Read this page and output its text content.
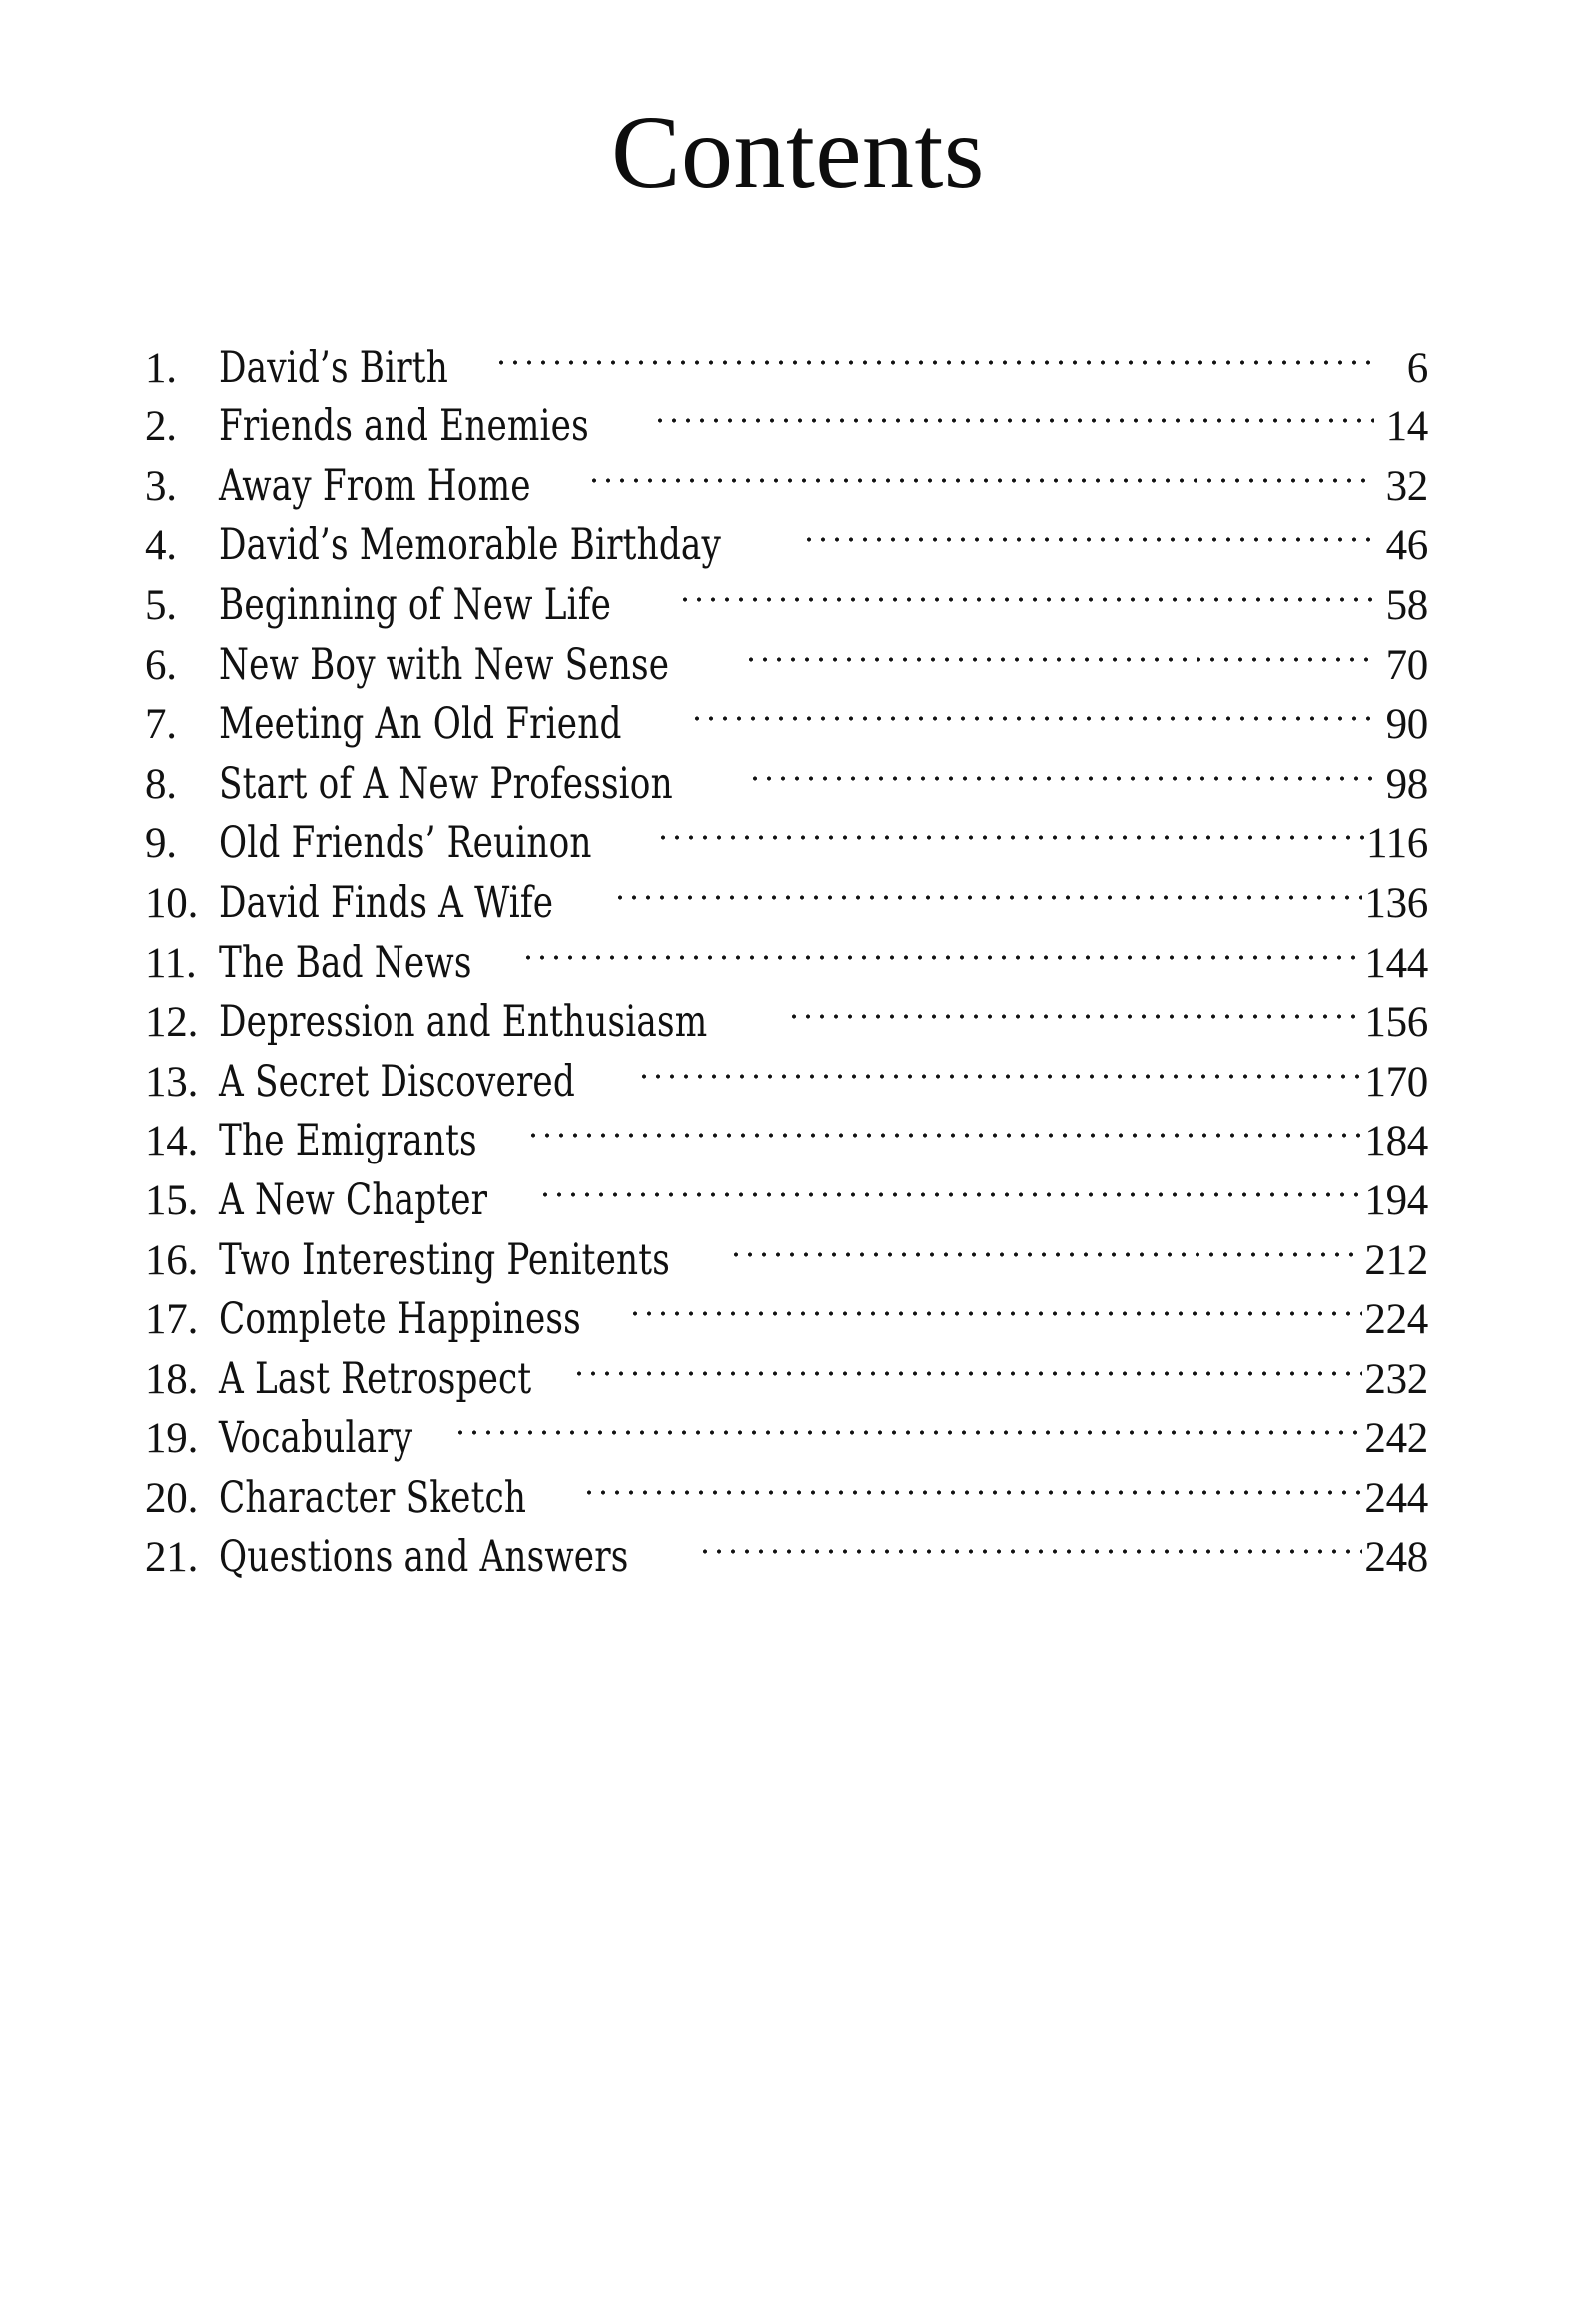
Contents
1. David’s Birth	6
2. Friends and Enemies	14
3. Away From Home	32
4. David’s Memorable Birthday	46
5. Beginning of New Life	58
6. New Boy with New Sense	70
7. Meeting An Old Friend	90
8. Start of A New Profession	98
9. Old Friends’ Reuinon	116
10. David Finds A Wife	136
11. The Bad News	144
12. Depression and Enthusiasm	156
13. A Secret Discovered	170
14. The Emigrants	184
15. A New Chapter	194
16. Two Interesting Penitents	212
17. Complete Happiness	224
18. A Last Retrospect	232
19. Vocabulary	242
20. Character Sketch	244
21. Questions and Answers	248
